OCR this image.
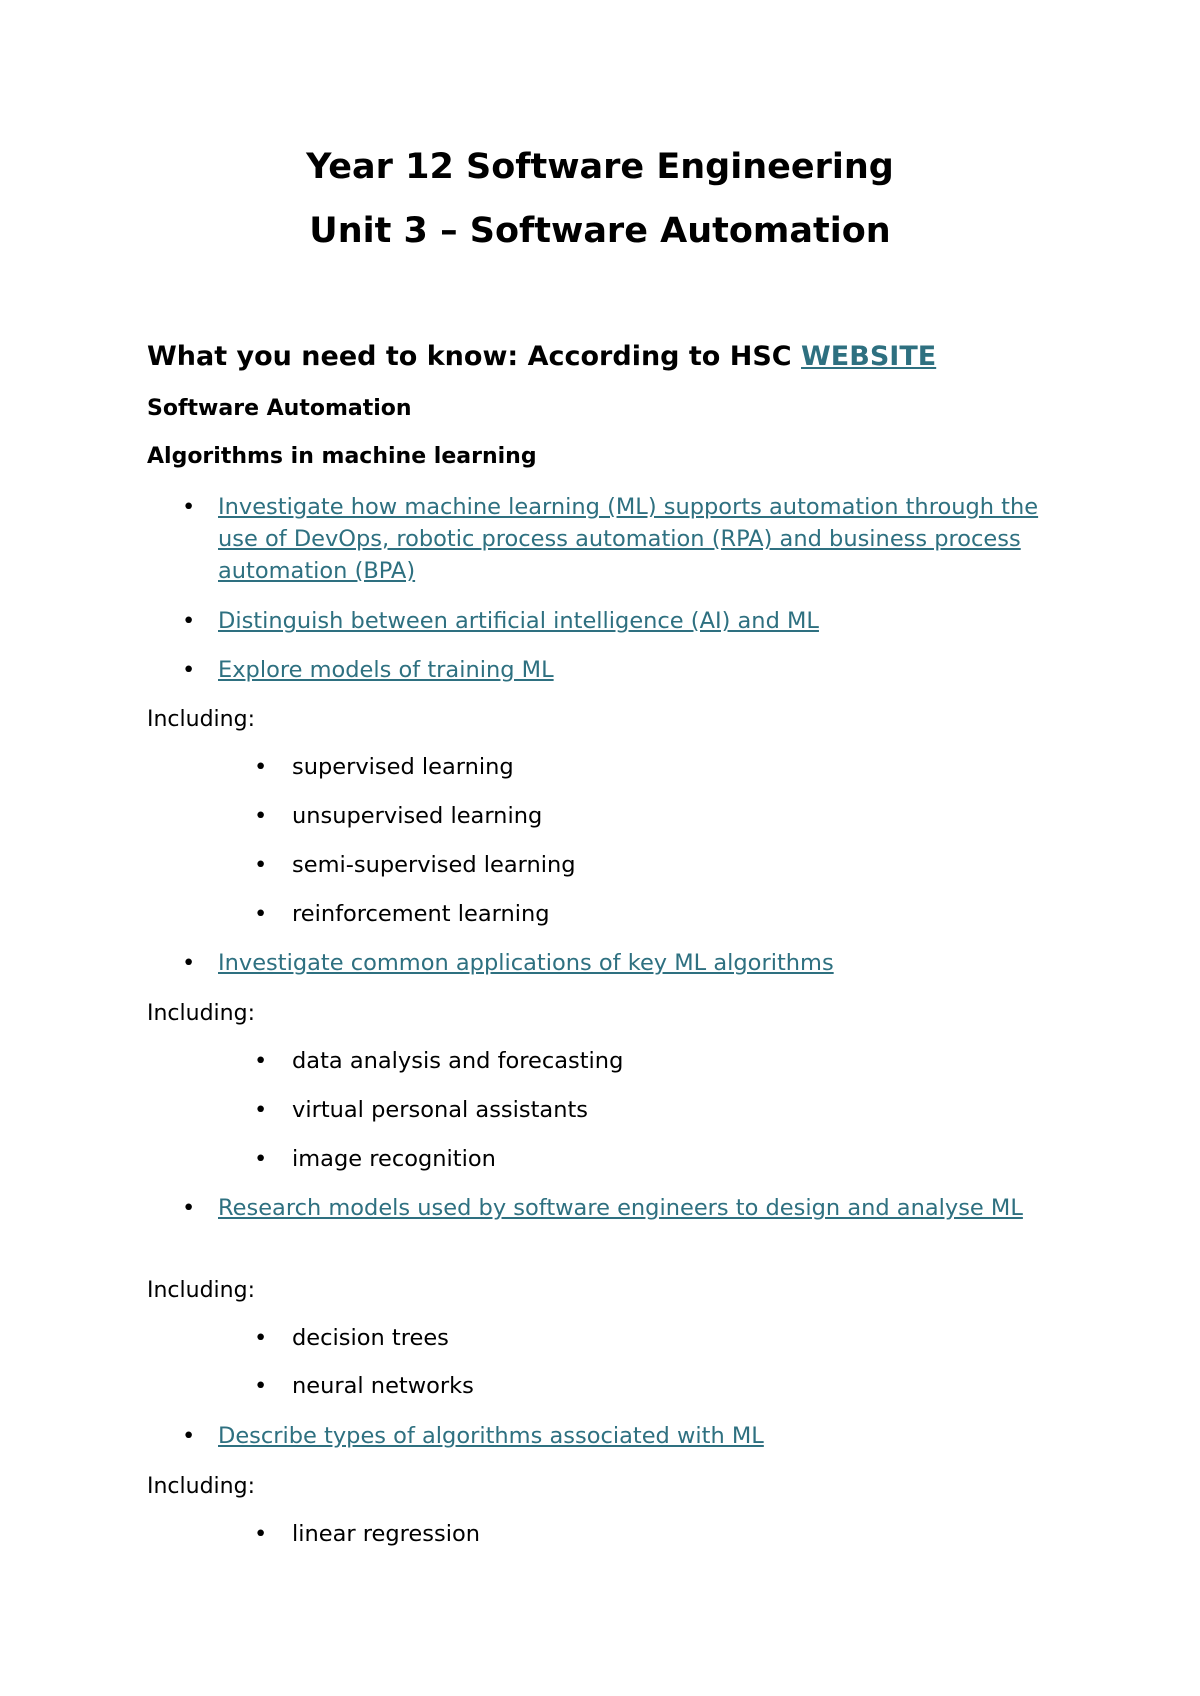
Year 12 Software Engineering
Unit 3 – Software Automation
What you need to know: According to HSC WEBSITE
Software Automation
Algorithms in machine learning
• Investigate how machine learning (ML) supports automation through the use of DevOps, robotic process automation (RPA) and business process automation (BPA)
• Distinguish between artificial intelligence (AI) and ML
• Explore models of training ML
Including:
• supervised learning
• unsupervised learning
• semi-supervised learning
• reinforcement learning
• Investigate common applications of key ML algorithms
Including:
• data analysis and forecasting
• virtual personal assistants
• image recognition
• Research models used by software engineers to design and analyse ML
Including:
• decision trees
• neural networks
• Describe types of algorithms associated with ML
Including:
• linear regression
